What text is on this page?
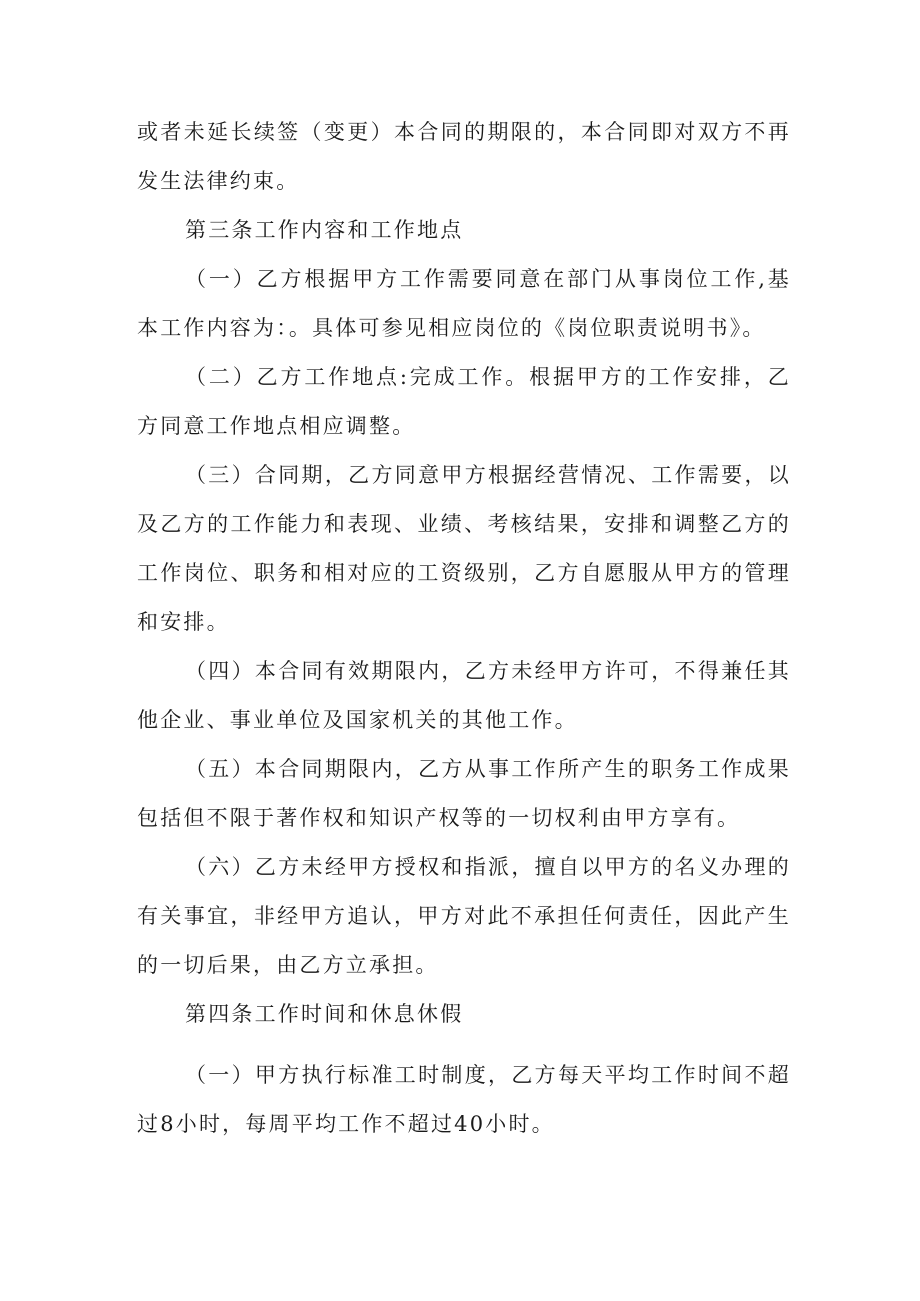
或者未延长续签（变更）本合同的期限的，本合同即对双方不再发生法律约束。

第三条工作内容和工作地点

（一）乙方根据甲方工作需要同意在部门从事岗位工作,基本工作内容为：。具体可参见相应岗位的《岗位职责说明书》。

（二）乙方工作地点:完成工作。根据甲方的工作安排，乙方同意工作地点相应调整。

（三）合同期，乙方同意甲方根据经营情况、工作需要，以及乙方的工作能力和表现、业绩、考核结果，安排和调整乙方的工作岗位、职务和相对应的工资级别，乙方自愿服从甲方的管理和安排。

（四）本合同有效期限内，乙方未经甲方许可，不得兼任其他企业、事业单位及国家机关的其他工作。

（五）本合同期限内，乙方从事工作所产生的职务工作成果包括但不限于著作权和知识产权等的一切权利由甲方享有。

（六）乙方未经甲方授权和指派，擅自以甲方的名义办理的有关事宜，非经甲方追认，甲方对此不承担任何责任，因此产生的一切后果，由乙方立承担。

第四条工作时间和休息休假

（一）甲方执行标准工时制度，乙方每天平均工作时间不超过8小时，每周平均工作不超过40小时。
